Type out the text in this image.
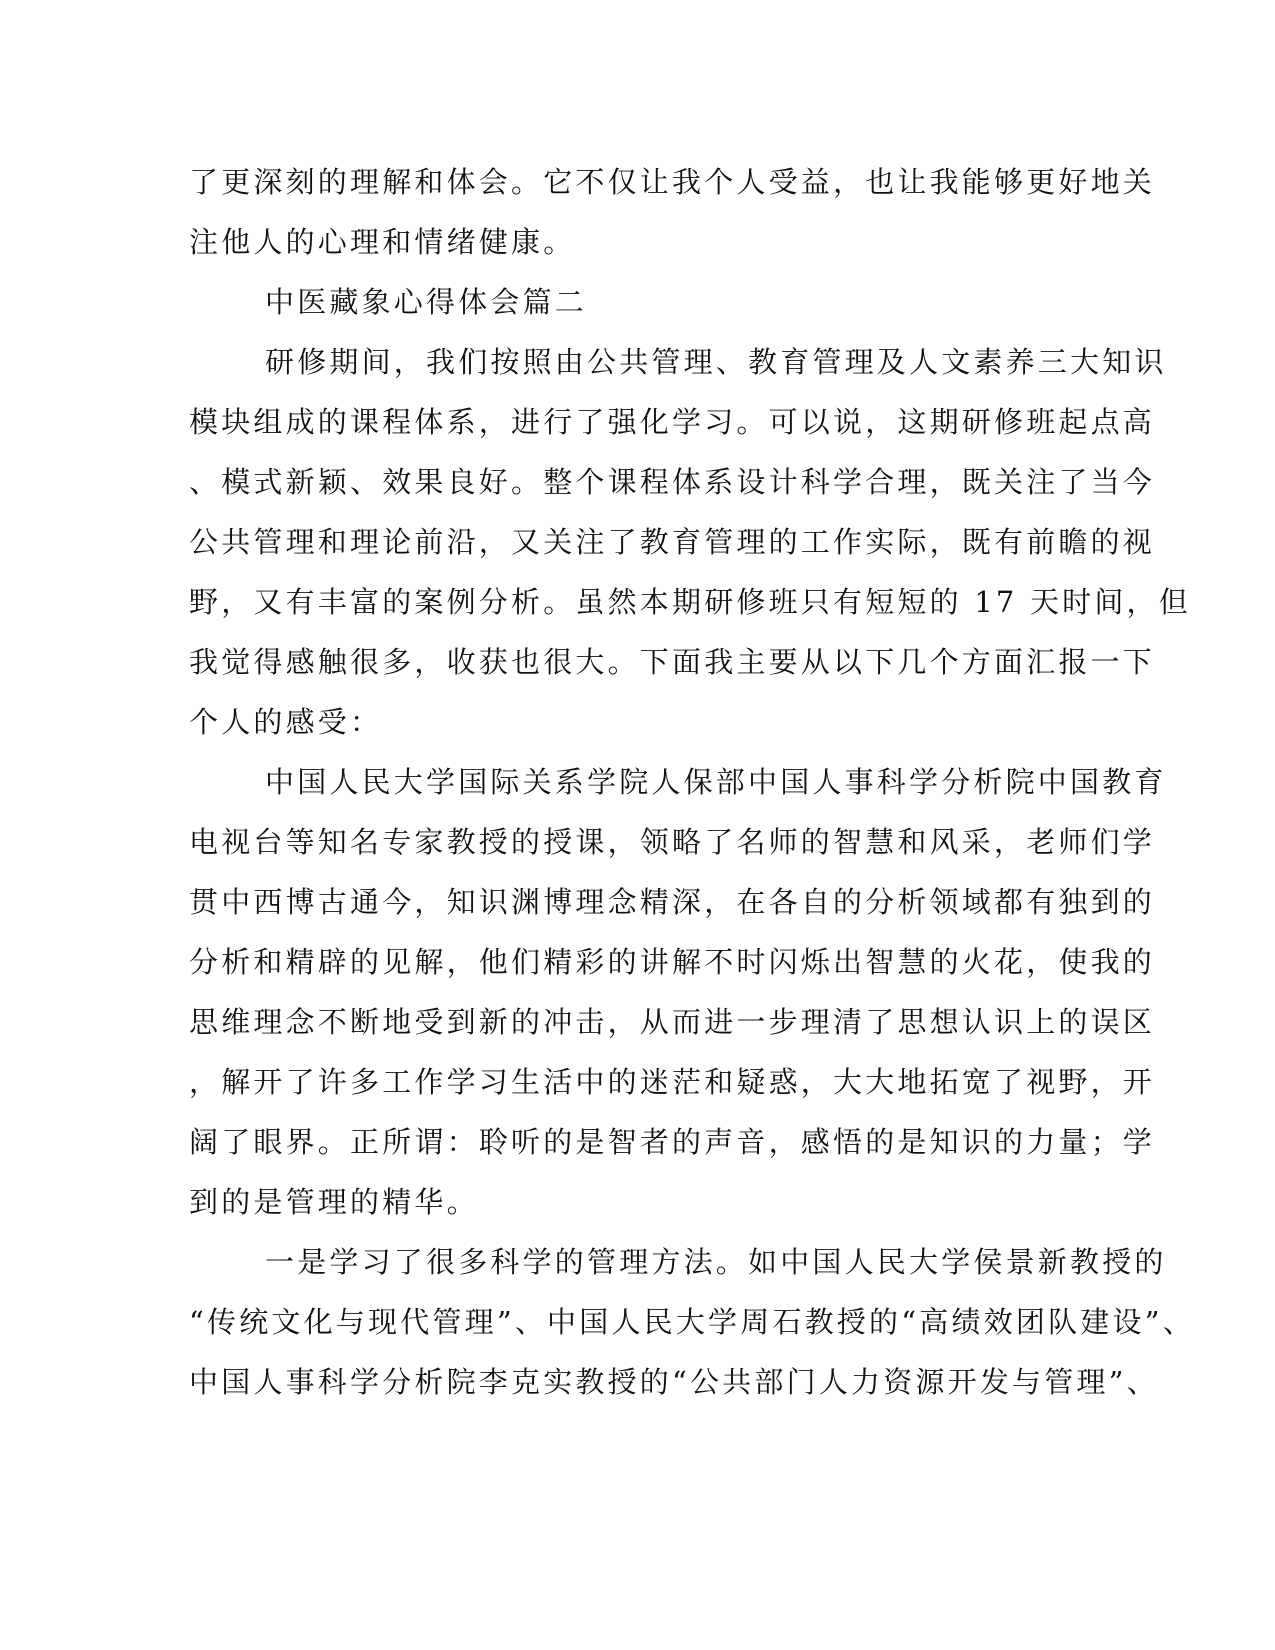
了更深刻的理解和体会。它不仅让我个人受益，也让我能够更好地关
注他人的心理和情绪健康。
中医藏象心得体会篇二
研修期间，我们按照由公共管理、教育管理及人文素养三大知识
模块组成的课程体系，进行了强化学习。可以说，这期研修班起点高
、模式新颖、效果良好。整个课程体系设计科学合理，既关注了当今
公共管理和理论前沿，又关注了教育管理的工作实际，既有前瞻的视
野，又有丰富的案例分析。虽然本期研修班只有短短的 17 天时间，但
我觉得感触很多，收获也很大。下面我主要从以下几个方面汇报一下
个人的感受：
中国人民大学国际关系学院人保部中国人事科学分析院中国教育
电视台等知名专家教授的授课，领略了名师的智慧和风采，老师们学
贯中西博古通今，知识渊博理念精深，在各自的分析领域都有独到的
分析和精辟的见解，他们精彩的讲解不时闪烁出智慧的火花，使我的
思维理念不断地受到新的冲击，从而进一步理清了思想认识上的误区
，解开了许多工作学习生活中的迷茫和疑惑，大大地拓宽了视野，开
阔了眼界。正所谓：聆听的是智者的声音，感悟的是知识的力量；学
到的是管理的精华。
一是学习了很多科学的管理方法。如中国人民大学侯景新教授的
“传统文化与现代管理”、中国人民大学周石教授的“高绩效团队建设”、
中国人事科学分析院李克实教授的“公共部门人力资源开发与管理”、
